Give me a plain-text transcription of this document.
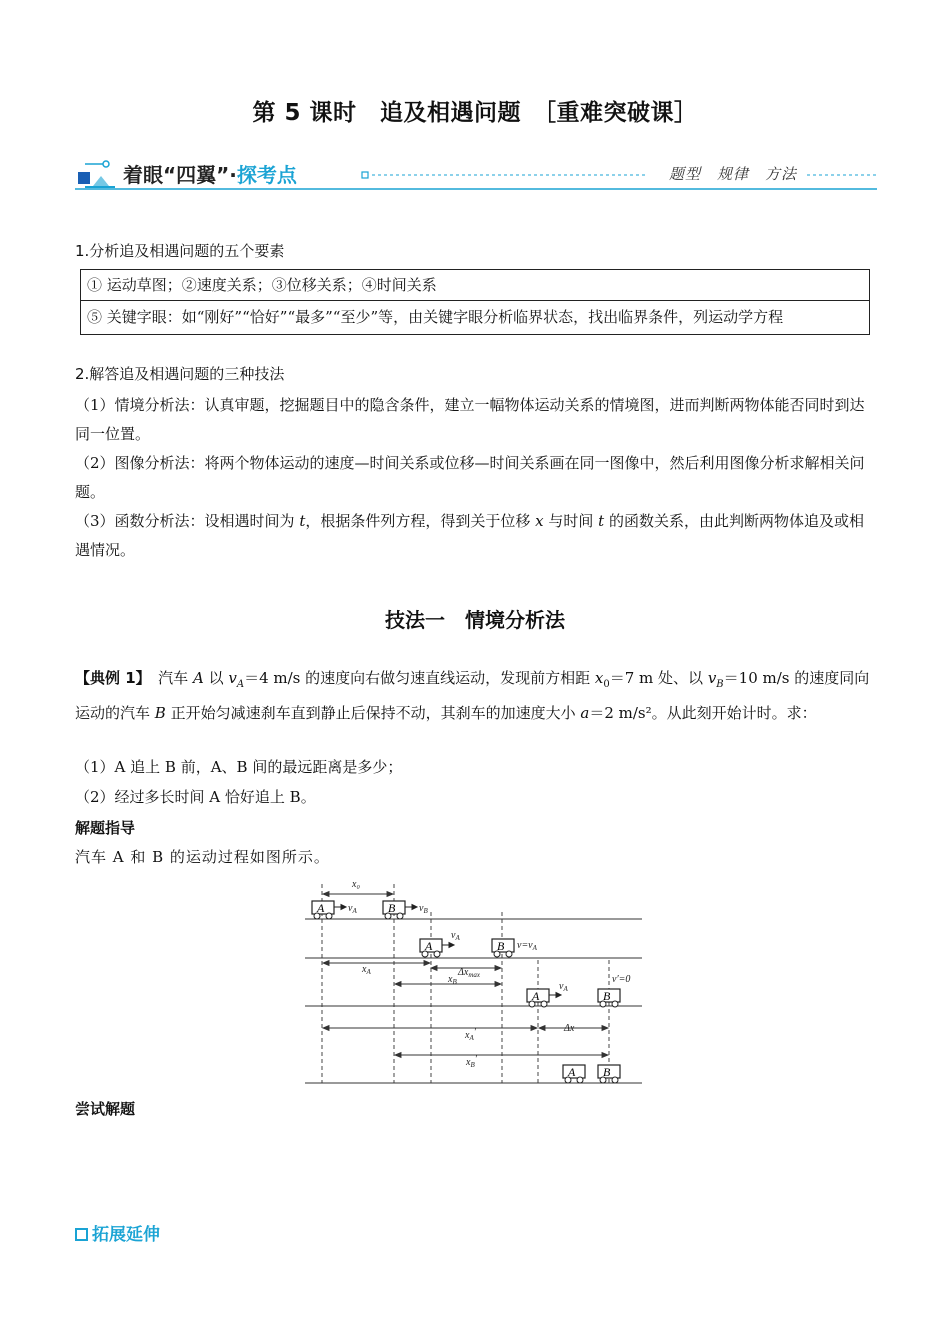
第 5 课时　追及相遇问题　［重难突破课］
着眼“四翼”·探考点	题型　规律　方法
1.分析追及相遇问题的五个要素
① 运动草图；②速度关系；③位移关系；④时间关系
⑤ 关键字眼：如“刚好”“恰好”“最多”“至少”等，由关键字眼分析临界状态，找出临界条件，列运动学方程
2.解答追及相遇问题的三种技法
（1）情境分析法：认真审题，挖掘题目中的隐含条件，建立一幅物体运动关系的情境图，进而判断两物体能否同时到达同一位置。
（2）图像分析法：将两个物体运动的速度—时间关系或位移—时间关系画在同一图像中，然后利用图像分析求解相关问题。
（3）函数分析法：设相遇时间为 t，根据条件列方程，得到关于位移 x 与时间 t 的函数关系，由此判断两物体追及或相遇情况。
技法一　情境分析法
【典例 1】　汽车 A 以 $v_A=4$ m/s 的速度向右做匀速直线运动，发现前方相距 $x_0=7$ m 处、以 $v_B=10$ m/s 的速度同向运动的汽车 B 正开始匀减速刹车直到静止后保持不动，其刹车的加速度大小 a＝2 m/s²。从此刻开始计时。求：
（1）A 追上 B 前，A、B 间的最远距离是多少；
（2）经过多长时间 A 恰好追上 B。
解题指导
汽车 A 和 B 的运动过程如图所示。
A	B
A	B
A	B
A B
x₀
$v_A$	$v_B$
$v_A$
$v=v_A$
$x_A$
$x_B$
$\Delta x_{max}$
$v_A$
v′=0
$x_A'$	Δx
$x_B'$
尝试解题
拓展延伸
